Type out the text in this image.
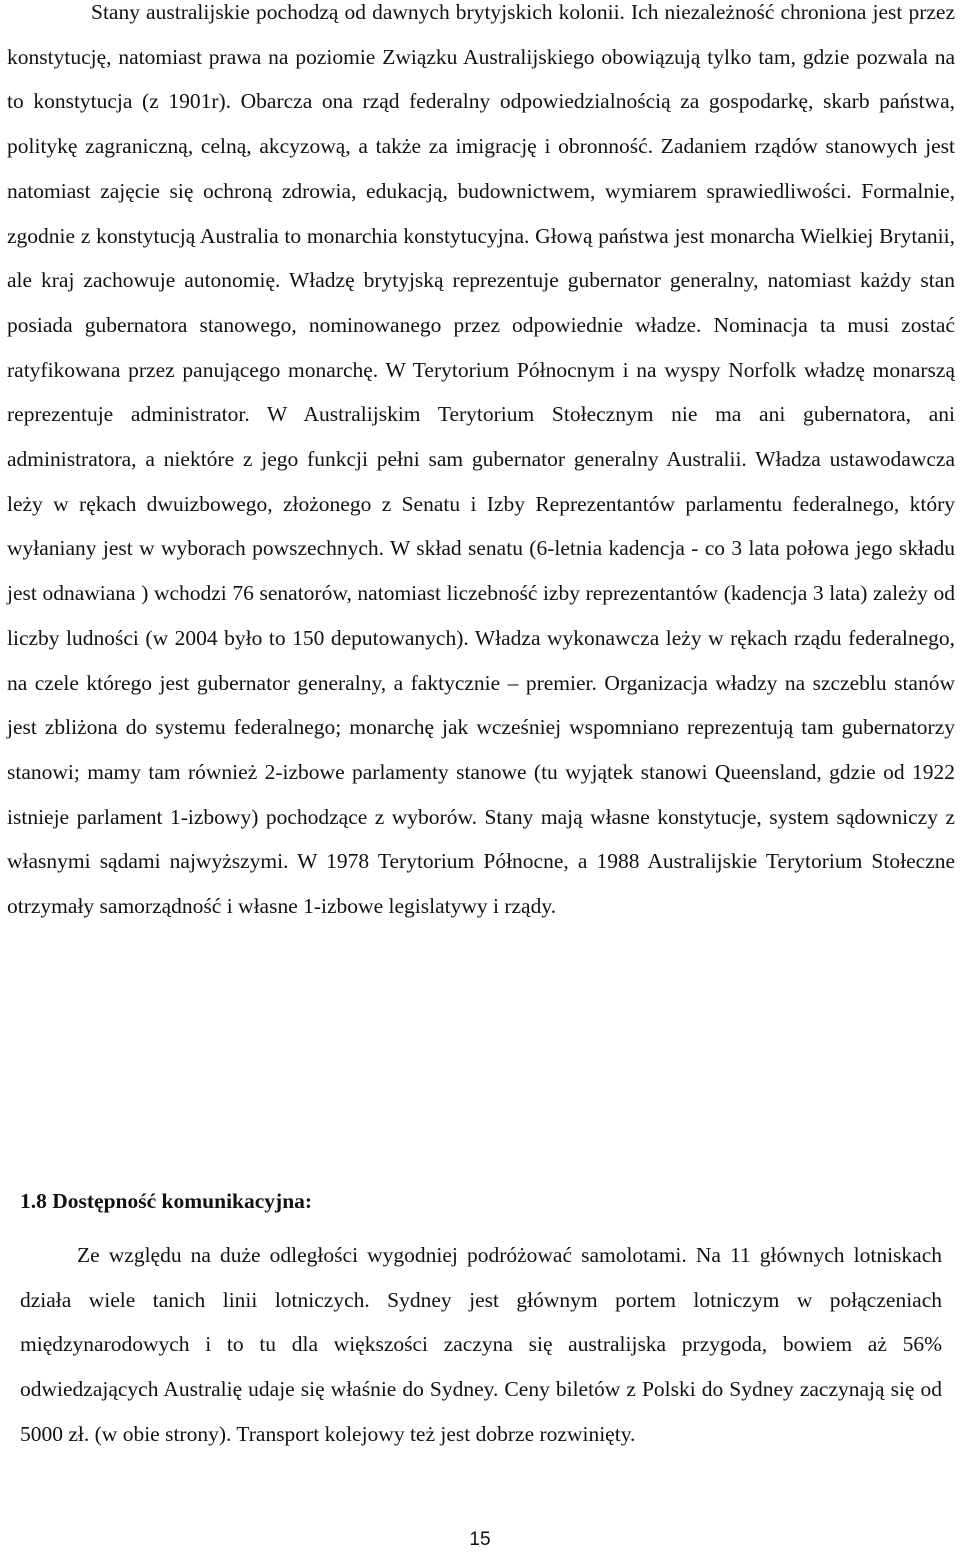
Stany australijskie pochodzą od dawnych brytyjskich kolonii. Ich niezależność chroniona jest przez konstytucję, natomiast prawa na poziomie Związku Australijskiego obowiązują tylko tam, gdzie pozwala na to konstytucja (z 1901r). Obarcza ona rząd federalny odpowiedzialnością za gospodarkę, skarb państwa, politykę zagraniczną, celną, akcyzową, a także za imigrację i obronność. Zadaniem rządów stanowych jest natomiast zajęcie się ochroną zdrowia, edukacją, budownictwem, wymiarem sprawiedliwości. Formalnie, zgodnie z konstytucją Australia to monarchia konstytucyjna. Głową państwa jest monarcha Wielkiej Brytanii, ale kraj zachowuje autonomię. Władzę brytyjską reprezentuje gubernator generalny, natomiast każdy stan posiada gubernatora stanowego, nominowanego przez odpowiednie władze. Nominacja ta musi zostać ratyfikowana przez panującego monarchę. W Terytorium Północnym i na wyspy Norfolk władzę monarszą reprezentuje administrator. W Australijskim Terytorium Stołecznym nie ma ani gubernatora, ani administratora, a niektóre z jego funkcji pełni sam gubernator generalny Australii. Władza ustawodawcza leży w rękach dwuizbowego, złożonego z Senatu i Izby Reprezentantów parlamentu federalnego, który wyłaniany jest w wyborach powszechnych. W skład senatu (6-letnia kadencja - co 3 lata połowa jego składu jest odnawiana ) wchodzi 76 senatorów, natomiast liczebność izby reprezentantów (kadencja 3 lata) zależy od liczby ludności (w 2004 było to 150 deputowanych). Władza wykonawcza leży w rękach rządu federalnego, na czele którego jest gubernator generalny, a faktycznie – premier. Organizacja władzy na szczeblu stanów jest zbliżona do systemu federalnego; monarchę jak wcześniej wspomniano reprezentują tam gubernatorzy stanowi; mamy tam również 2-izbowe parlamenty stanowe (tu wyjątek stanowi Queensland, gdzie od 1922 istnieje parlament 1-izbowy) pochodzące z wyborów. Stany mają własne konstytucje, system sądowniczy z własnymi sądami najwyższymi. W 1978 Terytorium Północne, a 1988 Australijskie Terytorium Stołeczne otrzymały samorządność i własne 1-izbowe legislatywy i rządy.

1.8 Dostępność komunikacyjna:

Ze względu na duże odległości wygodniej podróżować samolotami. Na 11 głównych lotniskach działa wiele tanich linii lotniczych. Sydney jest głównym portem lotniczym w połączeniach międzynarodowych i to tu dla większości zaczyna się australijska przygoda, bowiem aż 56% odwiedzających Australię udaje się właśnie do Sydney. Ceny biletów z Polski do Sydney zaczynają się od 5000 zł. (w obie strony). Transport kolejowy też jest dobrze rozwinięty.

15
